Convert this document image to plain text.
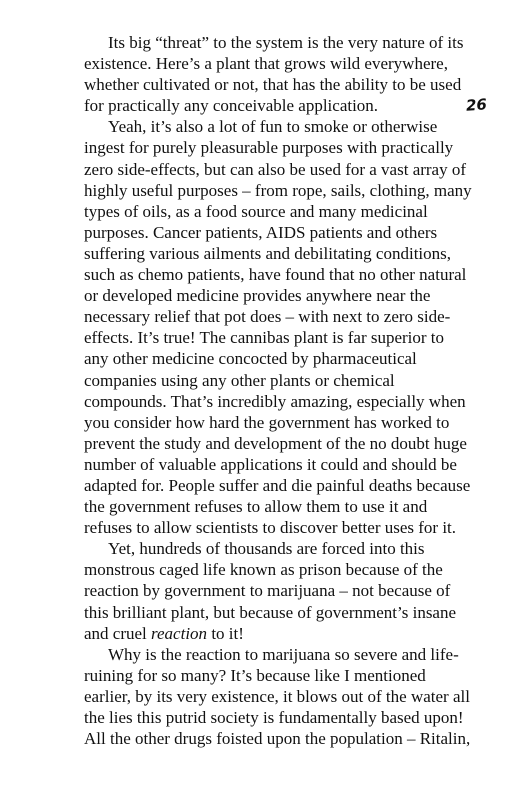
26
Its big “threat” to the system is the very nature of its
existence. Here’s a plant that grows wild everywhere,
whether cultivated or not, that has the ability to be used
for practically any conceivable application.
Yeah, it’s also a lot of fun to smoke or otherwise
ingest for purely pleasurable purposes with practically
zero side-effects, but can also be used for a vast array of
highly useful purposes – from rope, sails, clothing, many
types of oils, as a food source and many medicinal
purposes. Cancer patients, AIDS patients and others
suffering various ailments and debilitating conditions,
such as chemo patients, have found that no other natural
or developed medicine provides anywhere near the
necessary relief that pot does – with next to zero side-
effects. It’s true! The cannibas plant is far superior to
any other medicine concocted by pharmaceutical
companies using any other plants or chemical
compounds. That’s incredibly amazing, especially when
you consider how hard the government has worked to
prevent the study and development of the no doubt huge
number of valuable applications it could and should be
adapted for. People suffer and die painful deaths because
the government refuses to allow them to use it and
refuses to allow scientists to discover better uses for it.
Yet, hundreds of thousands are forced into this
monstrous caged life known as prison because of the
reaction by government to marijuana – not because of
this brilliant plant, but because of government’s insane
and cruel reaction to it!
Why is the reaction to marijuana so severe and life-
ruining for so many? It’s because like I mentioned
earlier, by its very existence, it blows out of the water all
the lies this putrid society is fundamentally based upon!
All the other drugs foisted upon the population – Ritalin,
